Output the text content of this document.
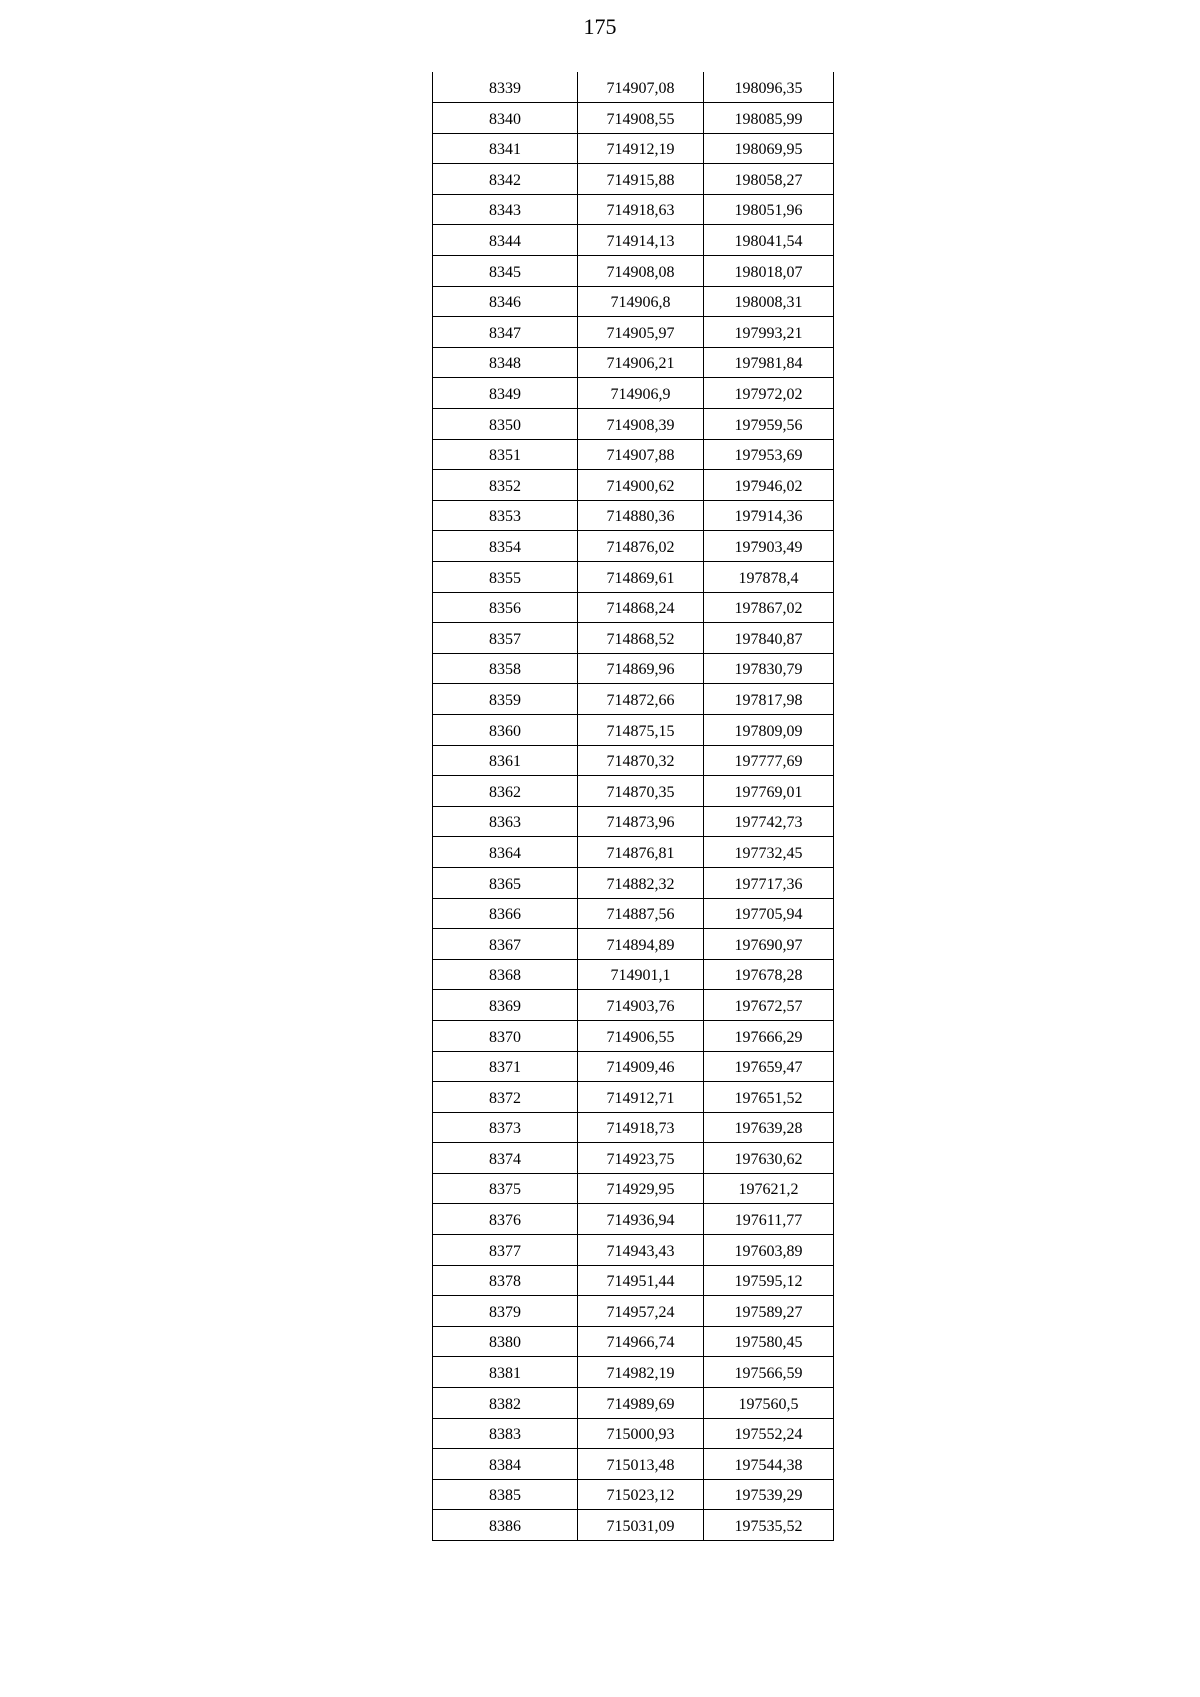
175
8339	714907,08	198096,35
8340	714908,55	198085,99
8341	714912,19	198069,95
8342	714915,88	198058,27
8343	714918,63	198051,96
8344	714914,13	198041,54
8345	714908,08	198018,07
8346	714906,8	198008,31
8347	714905,97	197993,21
8348	714906,21	197981,84
8349	714906,9	197972,02
8350	714908,39	197959,56
8351	714907,88	197953,69
8352	714900,62	197946,02
8353	714880,36	197914,36
8354	714876,02	197903,49
8355	714869,61	197878,4
8356	714868,24	197867,02
8357	714868,52	197840,87
8358	714869,96	197830,79
8359	714872,66	197817,98
8360	714875,15	197809,09
8361	714870,32	197777,69
8362	714870,35	197769,01
8363	714873,96	197742,73
8364	714876,81	197732,45
8365	714882,32	197717,36
8366	714887,56	197705,94
8367	714894,89	197690,97
8368	714901,1	197678,28
8369	714903,76	197672,57
8370	714906,55	197666,29
8371	714909,46	197659,47
8372	714912,71	197651,52
8373	714918,73	197639,28
8374	714923,75	197630,62
8375	714929,95	197621,2
8376	714936,94	197611,77
8377	714943,43	197603,89
8378	714951,44	197595,12
8379	714957,24	197589,27
8380	714966,74	197580,45
8381	714982,19	197566,59
8382	714989,69	197560,5
8383	715000,93	197552,24
8384	715013,48	197544,38
8385	715023,12	197539,29
8386	715031,09	197535,52
